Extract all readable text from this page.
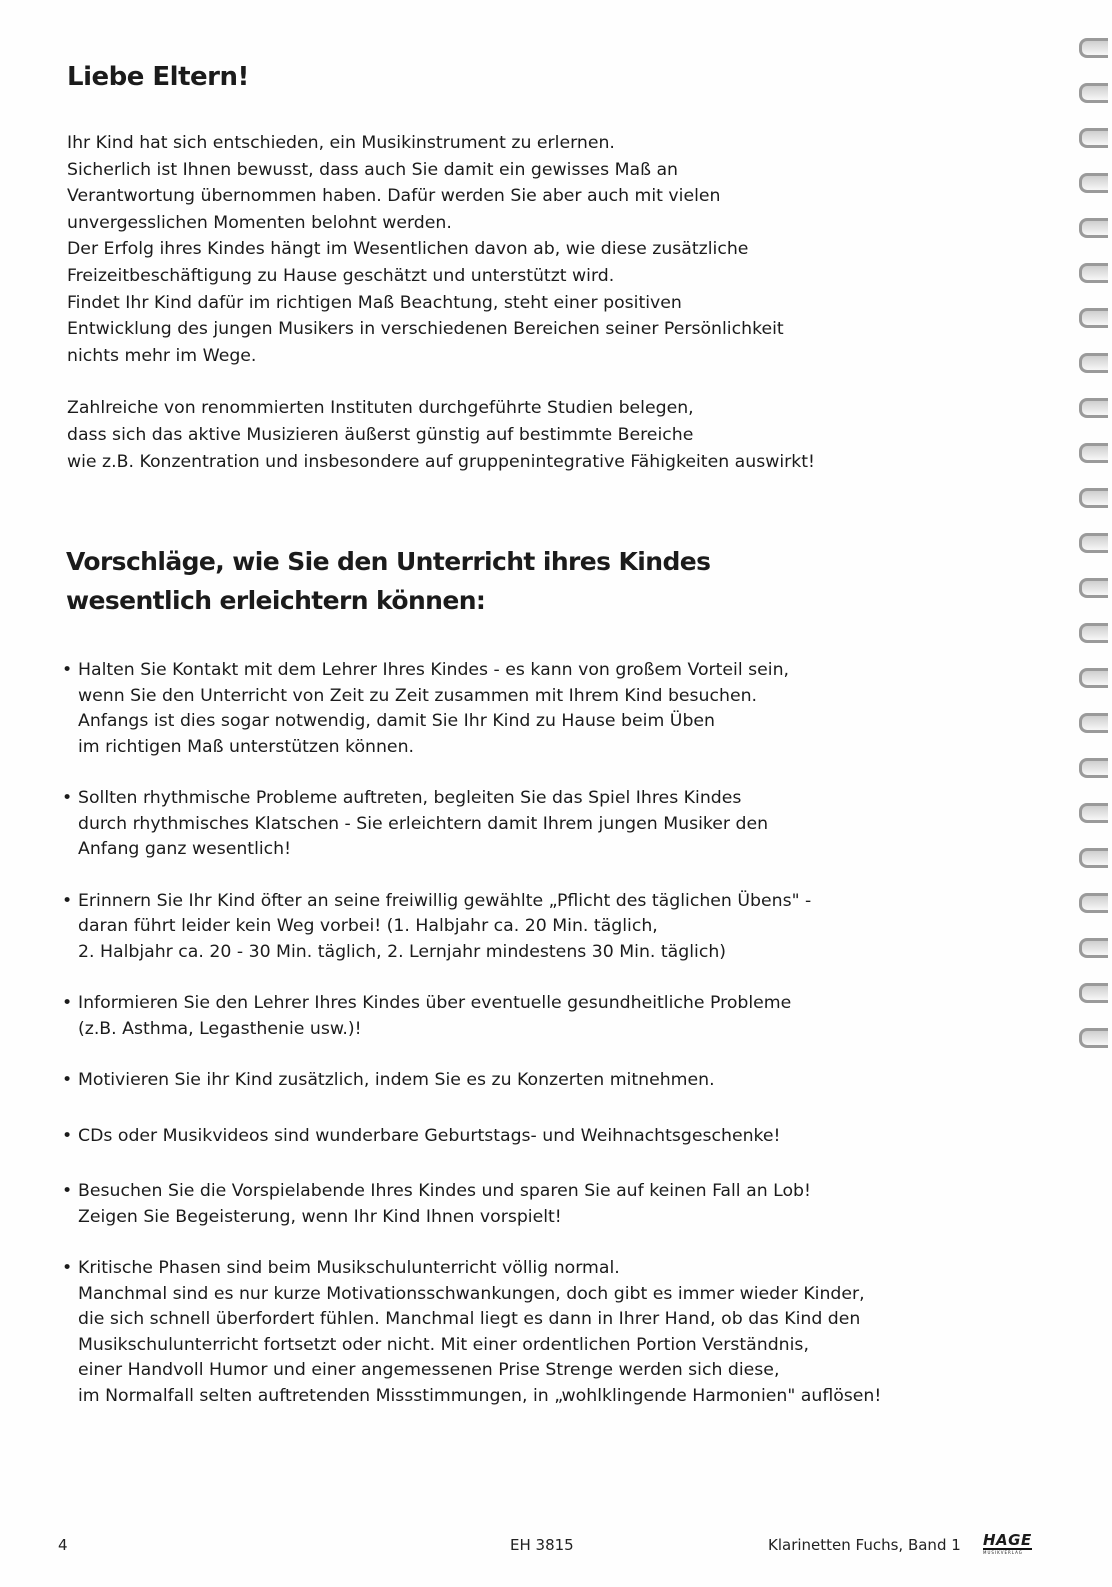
Liebe Eltern!

Ihr Kind hat sich entschieden, ein Musikinstrument zu erlernen.
Sicherlich ist Ihnen bewusst, dass auch Sie damit ein gewisses Maß an
Verantwortung übernommen haben. Dafür werden Sie aber auch mit vielen
unvergesslichen Momenten belohnt werden.
Der Erfolg ihres Kindes hängt im Wesentlichen davon ab, wie diese zusätzliche
Freizeitbeschäftigung zu Hause geschätzt und unterstützt wird.
Findet Ihr Kind dafür im richtigen Maß Beachtung, steht einer positiven
Entwicklung des jungen Musikers in verschiedenen Bereichen seiner Persönlichkeit
nichts mehr im Wege.

Zahlreiche von renommierten Instituten durchgeführte Studien belegen,
dass sich das aktive Musizieren äußerst günstig auf bestimmte Bereiche
wie z.B. Konzentration und insbesondere auf gruppenintegrative Fähigkeiten auswirkt!

Vorschläge, wie Sie den Unterricht ihres Kindes
wesentlich erleichtern können:
• Halten Sie Kontakt mit dem Lehrer Ihres Kindes - es kann von großem Vorteil sein,
wenn Sie den Unterricht von Zeit zu Zeit zusammen mit Ihrem Kind besuchen.
Anfangs ist dies sogar notwendig, damit Sie Ihr Kind zu Hause beim Üben
im richtigen Maß unterstützen können.
• Sollten rhythmische Probleme auftreten, begleiten Sie das Spiel Ihres Kindes
durch rhythmisches Klatschen - Sie erleichtern damit Ihrem jungen Musiker den
Anfang ganz wesentlich!
• Erinnern Sie Ihr Kind öfter an seine freiwillig gewählte „Pflicht des täglichen Übens" -
daran führt leider kein Weg vorbei! (1. Halbjahr ca. 20 Min. täglich,
2. Halbjahr ca. 20 - 30 Min. täglich, 2. Lernjahr mindestens 30 Min. täglich)
• Informieren Sie den Lehrer Ihres Kindes über eventuelle gesundheitliche Probleme
(z.B. Asthma, Legasthenie usw.)!
• Motivieren Sie ihr Kind zusätzlich, indem Sie es zu Konzerten mitnehmen.
• CDs oder Musikvideos sind wunderbare Geburtstags- und Weihnachtsgeschenke!
• Besuchen Sie die Vorspielabende Ihres Kindes und sparen Sie auf keinen Fall an Lob!
Zeigen Sie Begeisterung, wenn Ihr Kind Ihnen vorspielt!
• Kritische Phasen sind beim Musikschulunterricht völlig normal.
Manchmal sind es nur kurze Motivationsschwankungen, doch gibt es immer wieder Kinder,
die sich schnell überfordert fühlen. Manchmal liegt es dann in Ihrer Hand, ob das Kind den
Musikschulunterricht fortsetzt oder nicht. Mit einer ordentlichen Portion Verständnis,
einer Handvoll Humor und einer angemessenen Prise Strenge werden sich diese,
im Normalfall selten auftretenden Missstimmungen, in „wohlklingende Harmonien" auflösen!
4	EH 3815	Klarinetten Fuchs, Band 1 HAGE
MUSIKVERLAG
